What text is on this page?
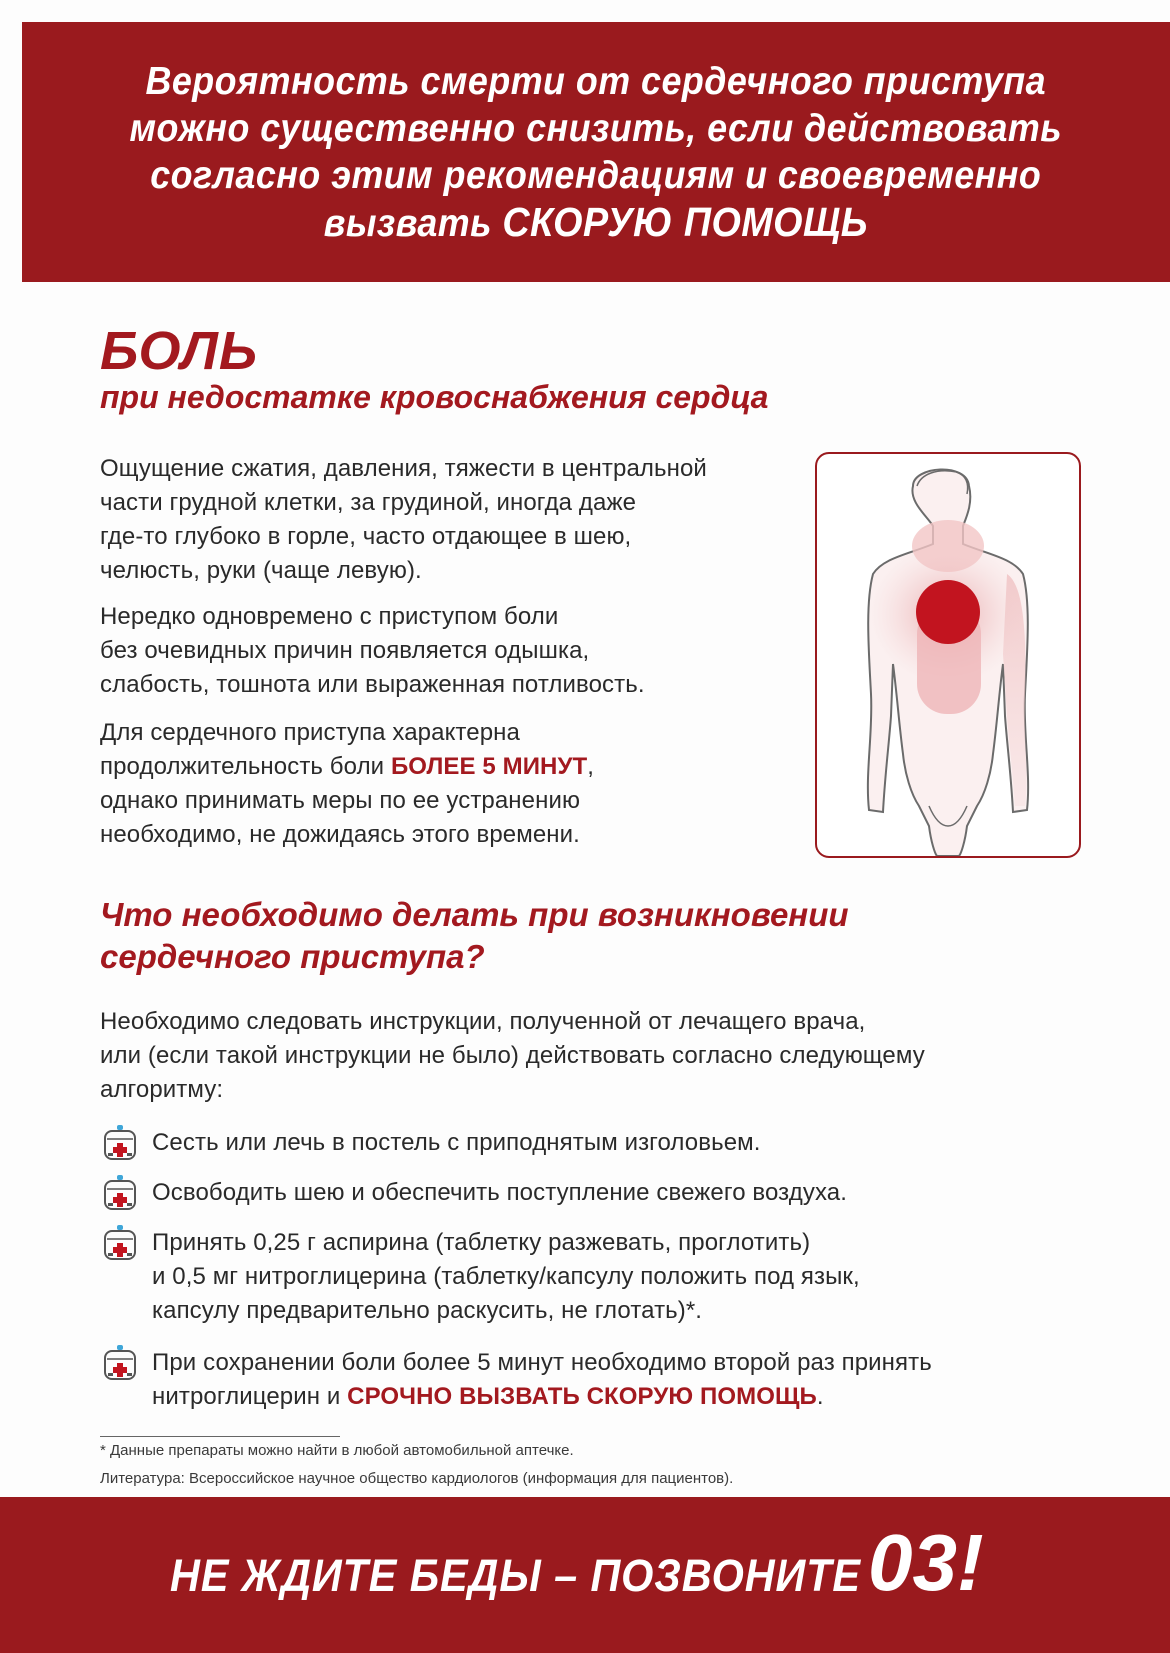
Вероятность смерти от сердечного приступа
можно существенно снизить, если действовать
согласно этим рекомендациям и своевременно
вызвать СКОРУЮ ПОМОЩЬ
БОЛЬ
при недостатке кровоснабжения сердца
Ощущение сжатия, давления, тяжести в центральной
части грудной клетки, за грудиной, иногда даже
где-то глубоко в горле, часто отдающее в шею,
челюсть, руки (чаще левую).
Нередко одновремено с приступом боли
без очевидных причин появляется одышка,
слабость, тошнота или выраженная потливость.
Для сердечного приступа характерна
продолжительность боли БОЛЕЕ 5 МИНУТ,
однако принимать меры по ее устранению
необходимо, не дожидаясь этого времени.
Что необходимо делать при возникновении
сердечного приступа?
Необходимо следовать инструкции, полученной от лечащего врача,
или (если такой инструкции не было) действовать согласно следующему
алгоритму:
Сесть или лечь в постель с приподнятым изголовьем.
Освободить шею и обеспечить поступление свежего воздуха.
Принять 0,25 г аспирина (таблетку разжевать, проглотить)
и 0,5 мг нитроглицерина (таблетку/капсулу положить под язык,
капсулу предварительно раскусить, не глотать)*.
При сохранении боли более 5 минут необходимо второй раз принять
нитроглицерин и СРОЧНО ВЫЗВАТЬ СКОРУЮ ПОМОЩЬ.
* Данные препараты можно найти в любой автомобильной аптечке.
Литература: Всероссийское научное общество кардиологов (информация для пациентов).
НЕ ЖДИТЕ БЕДЫ – ПОЗВОНИТЕ 03!
